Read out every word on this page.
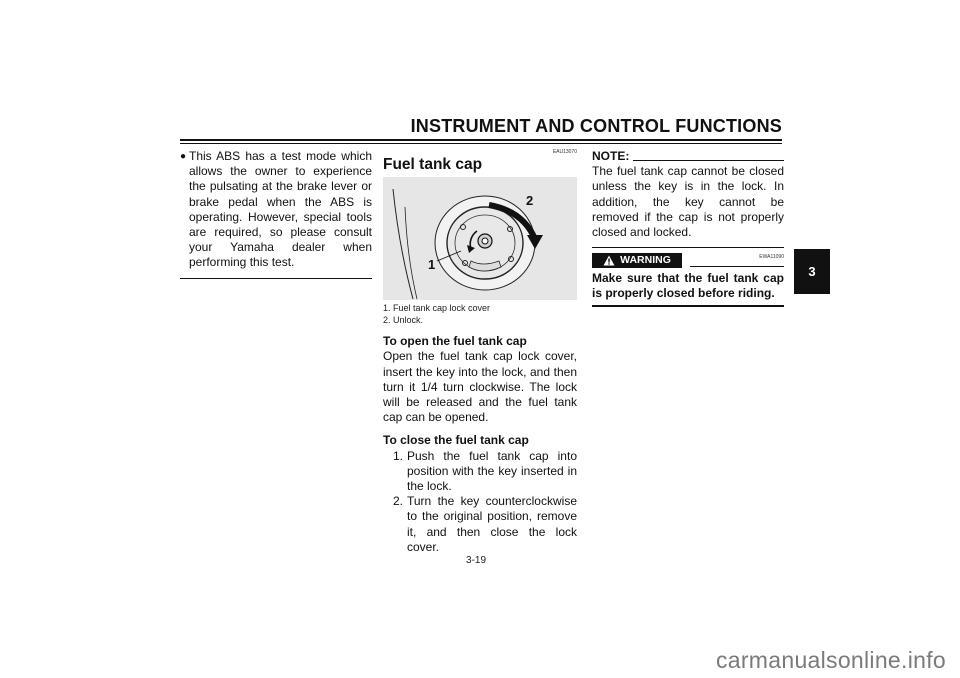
INSTRUMENT AND CONTROL FUNCTIONS
3
● This ABS has a test mode which allows the owner to experience the pulsating at the brake lever or brake pedal when the ABS is operating. However, special tools are required, so please consult your Yamaha dealer when performing this test.
EAU13070
Fuel tank cap
1
2
1. Fuel tank cap lock cover
2. Unlock.
To open the fuel tank cap
Open the fuel tank cap lock cover, insert the key into the lock, and then turn it 1/4 turn clockwise. The lock will be released and the fuel tank cap can be opened.
To close the fuel tank cap
1. Push the fuel tank cap into position with the key inserted in the lock.
2. Turn the key counterclockwise to the original position, remove it, and then close the lock cover.
NOTE:
The fuel tank cap cannot be closed unless the key is in the lock. In addition, the key cannot be removed if the cap is not properly closed and locked.
EWA11090
WARNING
Make sure that the fuel tank cap is properly closed before riding.
3-19
carmanualsonline.info
